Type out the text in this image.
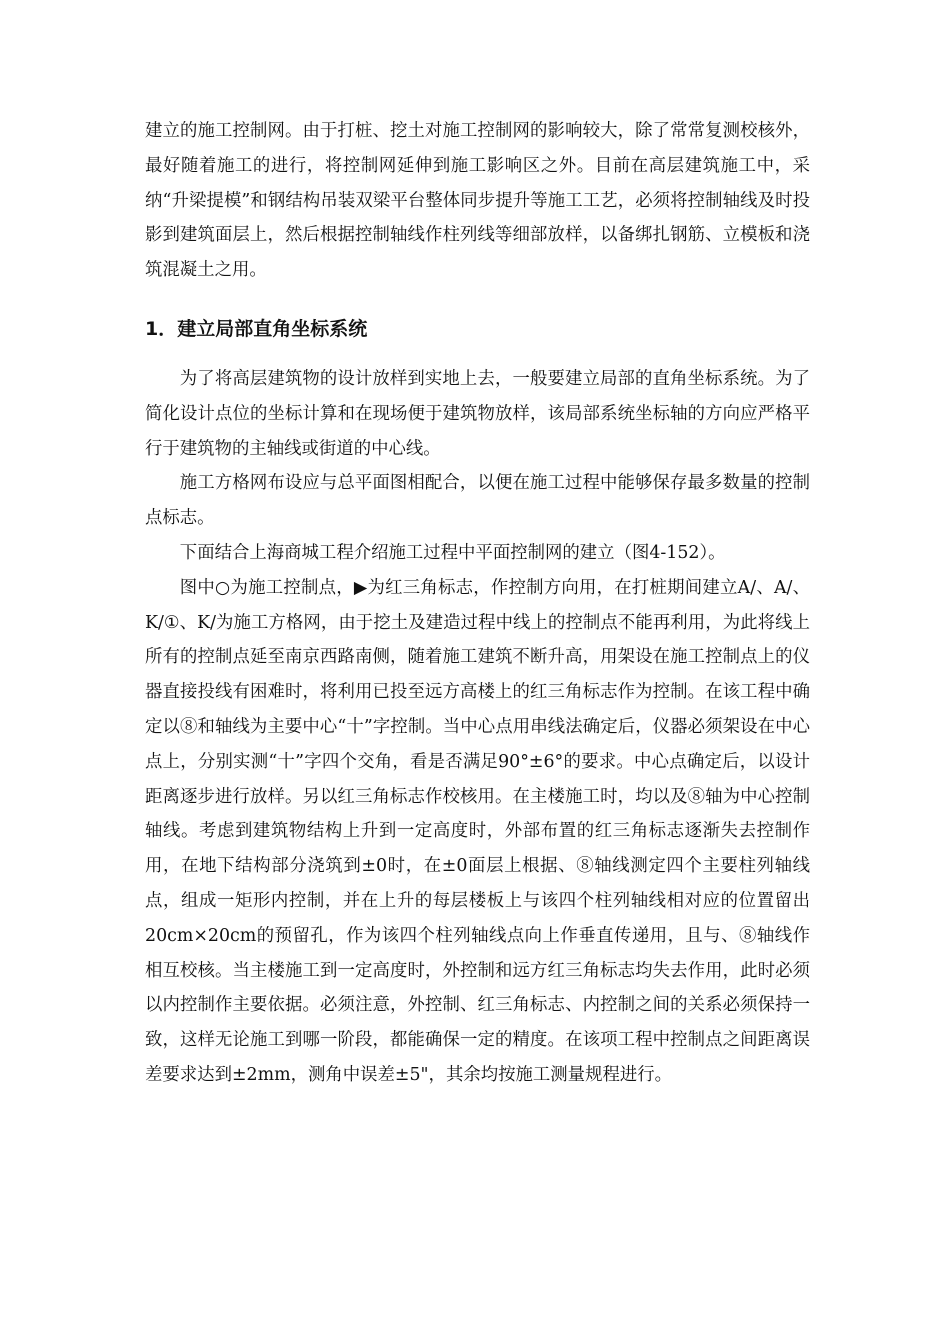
建立的施工控制网。由于打桩、挖土对施工控制网的影响较大，除了常常复测校核外，最好随着施工的进行，将控制网延伸到施工影响区之外。目前在高层建筑施工中，采纳“升梁提模”和钢结构吊装双梁平台整体同步提升等施工工艺，必须将控制轴线及时投影到建筑面层上，然后根据控制轴线作柱列线等细部放样，以备绑扎钢筋、立模板和浇筑混凝土之用。

1．建立局部直角坐标系统

为了将高层建筑物的设计放样到实地上去，一般要建立局部的直角坐标系统。为了简化设计点位的坐标计算和在现场便于建筑物放样，该局部系统坐标轴的方向应严格平行于建筑物的主轴线或街道的中心线。

施工方格网布设应与总平面图相配合，以便在施工过程中能够保存最多数量的控制点标志。

下面结合上海商城工程介绍施工过程中平面控制网的建立（图4-152）。

图中○为施工控制点，▶为红三角标志，作控制方向用，在打桩期间建立A/、A/、K/①、K/为施工方格网，由于挖土及建造过程中线上的控制点不能再利用，为此将线上所有的控制点延至南京西路南侧，随着施工建筑不断升高，用架设在施工控制点上的仪器直接投线有困难时，将利用已投至远方高楼上的红三角标志作为控制。在该工程中确定以⑧和轴线为主要中心“十”字控制。当中心点用串线法确定后，仪器必须架设在中心点上，分别实测“十”字四个交角，看是否满足90°±6°的要求。中心点确定后，以设计距离逐步进行放样。另以红三角标志作校核用。在主楼施工时，均以及⑧轴为中心控制轴线。考虑到建筑物结构上升到一定高度时，外部布置的红三角标志逐渐失去控制作用，在地下结构部分浇筑到±0时，在±0面层上根据、⑧轴线测定四个主要柱列轴线点，组成一矩形内控制，并在上升的每层楼板上与该四个柱列轴线相对应的位置留出20cm×20cm的预留孔，作为该四个柱列轴线点向上作垂直传递用，且与、⑧轴线作相互校核。当主楼施工到一定高度时，外控制和远方红三角标志均失去作用，此时必须以内控制作主要依据。必须注意，外控制、红三角标志、内控制之间的关系必须保持一致，这样无论施工到哪一阶段，都能确保一定的精度。在该项工程中控制点之间距离误差要求达到±2mm，测角中误差±5"，其余均按施工测量规程进行。
